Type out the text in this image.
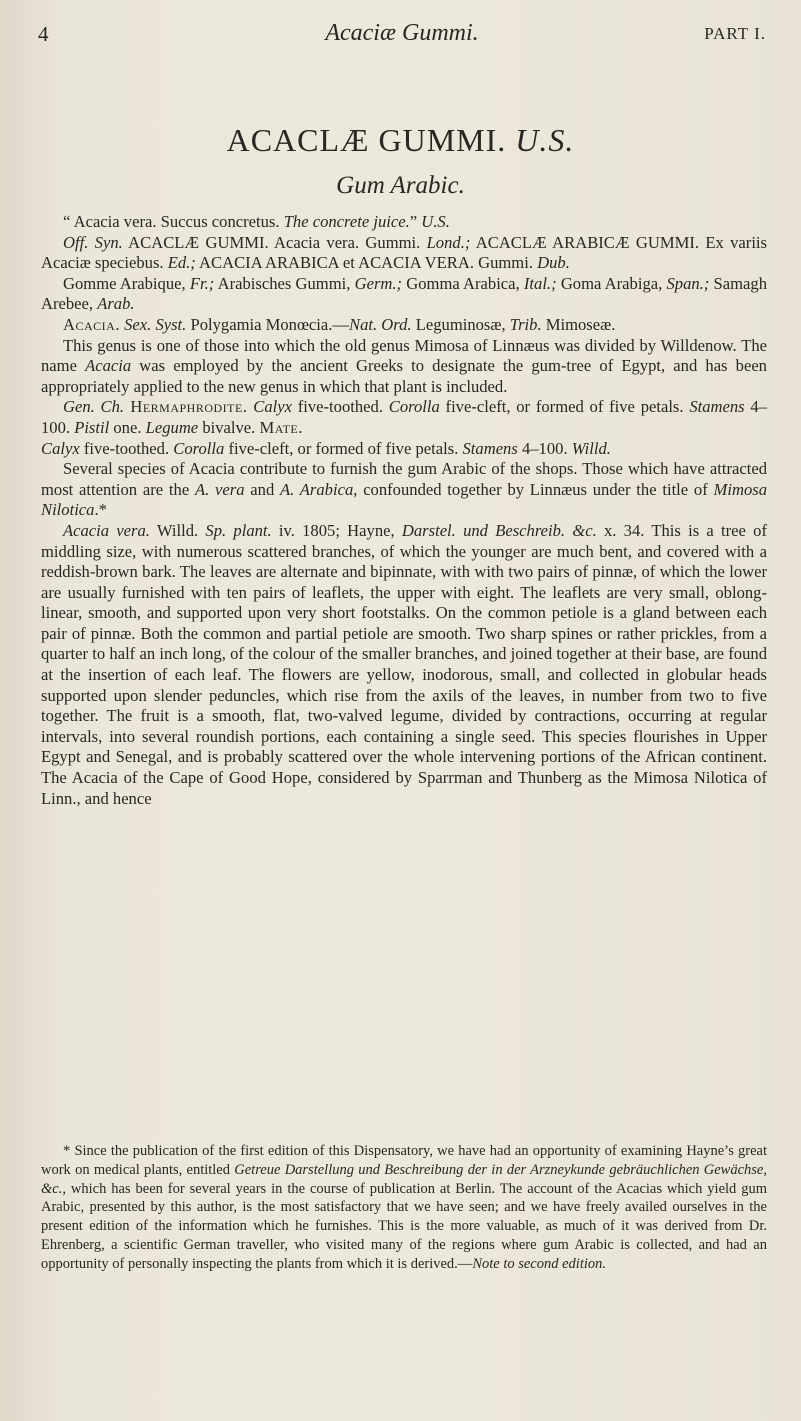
4	Acaciæ Gummi.	PART I.
ACACLÆ GUMMI. U.S.
Gum Arabic.

“ Acacia vera. Succus concretus. The concrete juice.” U.S.

Off. Syn. ACACLÆ GUMMI. Acacia vera. Gummi. Lond.; ACACLÆ ARABICÆ GUMMI. Ex variis Acaciæ speciebus. Ed.; ACACIA ARABICA et ACACIA VERA. Gummi. Dub.

Gomme Arabique, Fr.; Arabisches Gummi, Germ.; Gomma Arabica, Ital.; Goma Arabiga, Span.; Samagh Arebee, Arab.

Acacia. Sex. Syst. Polygamia Monœcia.—Nat. Ord. Leguminosæ, Trib. Mimoseæ.

This genus is one of those into which the old genus Mimosa of Linnæus was divided by Willdenow. The name Acacia was employed by the ancient Greeks to designate the gum-tree of Egypt, and has been appropriately applied to the new genus in which that plant is included.

Gen. Ch. Hermaphrodite. Calyx five-toothed. Corolla five-cleft, or formed of five petals. Stamens 4–100. Pistil one. Legume bivalve. Mate.
Calyx five-toothed. Corolla five-cleft, or formed of five petals. Stamens 4–100. Willd.

Several species of Acacia contribute to furnish the gum Arabic of the shops. Those which have attracted most attention are the A. vera and A. Arabica, confounded together by Linnæus under the title of Mimosa Nilotica.*

Acacia vera. Willd. Sp. plant. iv. 1805; Hayne, Darstel. und Beschreib. &c. x. 34. This is a tree of middling size, with numerous scattered branches, of which the younger are much bent, and covered with a reddish-brown bark. The leaves are alternate and bipinnate, with with two pairs of pinnæ, of which the lower are usually furnished with ten pairs of leaflets, the upper with eight. The leaflets are very small, oblong-linear, smooth, and supported upon very short footstalks. On the common petiole is a gland between each pair of pinnæ. Both the common and partial petiole are smooth. Two sharp spines or rather prickles, from a quarter to half an inch long, of the colour of the smaller branches, and joined together at their base, are found at the insertion of each leaf. The flowers are yellow, inodorous, small, and collected in globular heads supported upon slender peduncles, which rise from the axils of the leaves, in number from two to five together. The fruit is a smooth, flat, two-valved legume, divided by contractions, occurring at regular intervals, into several roundish portions, each containing a single seed. This species flourishes in Upper Egypt and Senegal, and is probably scattered over the whole intervening portions of the African continent. The Acacia of the Cape of Good Hope, considered by Sparrman and Thunberg as the Mimosa Nilotica of Linn., and hence

* Since the publication of the first edition of this Dispensatory, we have had an opportunity of examining Hayne’s great work on medical plants, entitled Getreue Darstellung und Beschreibung der in der Arzneykunde gebräuchlichen Gewächse, &c., which has been for several years in the course of publication at Berlin. The account of the Acacias which yield gum Arabic, presented by this author, is the most satisfactory that we have seen; and we have freely availed ourselves in the present edition of the information which he furnishes. This is the more valuable, as much of it was derived from Dr. Ehrenberg, a scientific German traveller, who visited many of the regions where gum Arabic is collected, and had an opportunity of personally inspecting the plants from which it is derived.—Note to second edition.
